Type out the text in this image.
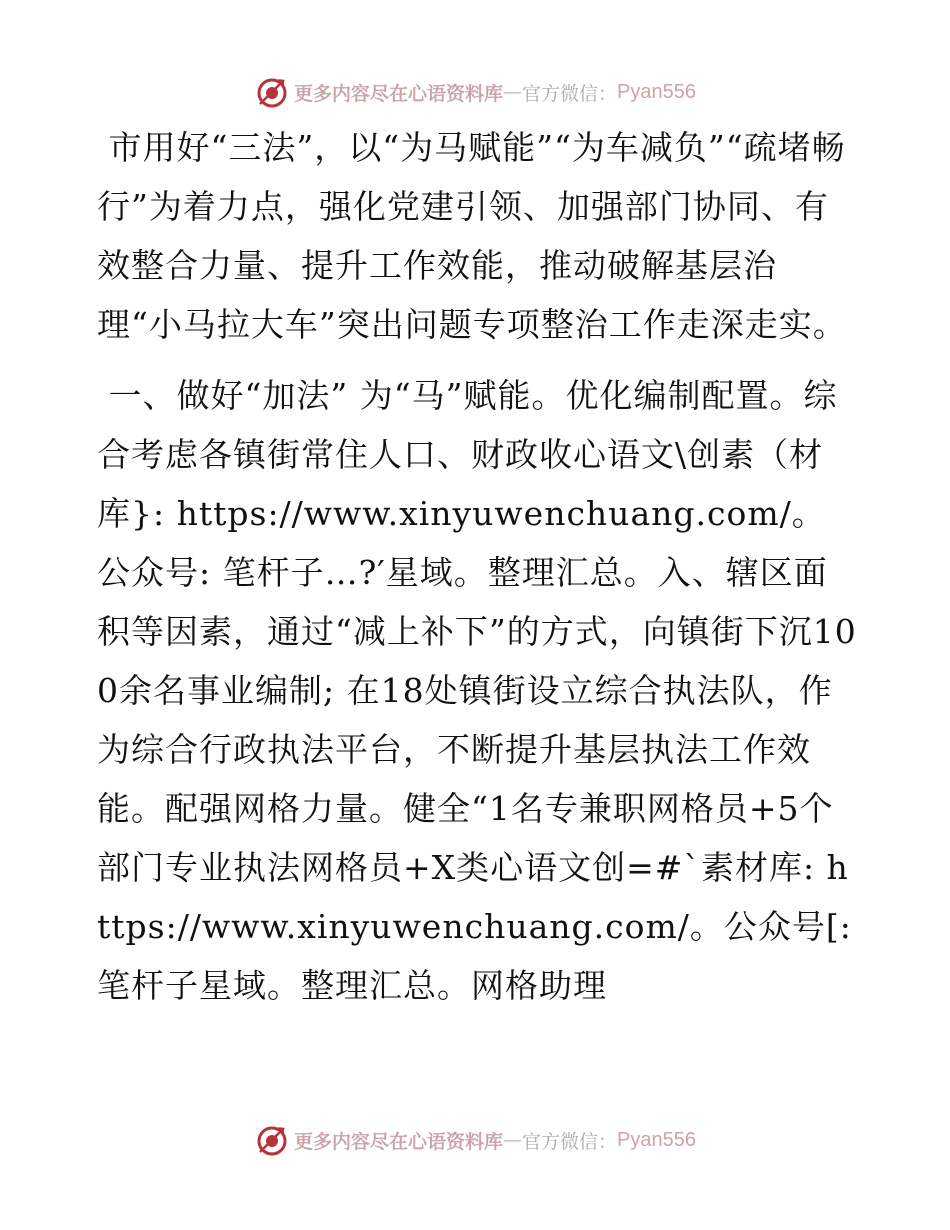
更多内容尽在心语资料库 — 官方微信： Pyan556

市用好“三法”，以“为马赋能”“为车减负”“疏堵畅行”为着力点，强化党建引领、加强部门协同、有效整合力量、提升工作效能，推动破解基层治理“小马拉大车”突出问题专项整治工作走深走实。

一、做好“加法” 为“马”赋能。优化编制配置。综合考虑各镇街常住人口、财政收心语文\创素（材库}: https://www.xinyuwenchuang.com/。公众号: 笔杆子…?′星域。整理汇总。入、辖区面积等因素，通过“减上补下”的方式，向镇街下沉100余名事业编制; 在18处镇街设立综合执法队，作为综合行政执法平台，不断提升基层执法工作效能。配强网格力量。健全“1名专兼职网格员+5个部门专业执法网格员+X类心语文创=#`素材库: https://www.xinyuwenchuang.com/。公众号[: 笔杆子星域。整理汇总。网格助理

更多内容尽在心语资料库 — 官方微信： Pyan556
